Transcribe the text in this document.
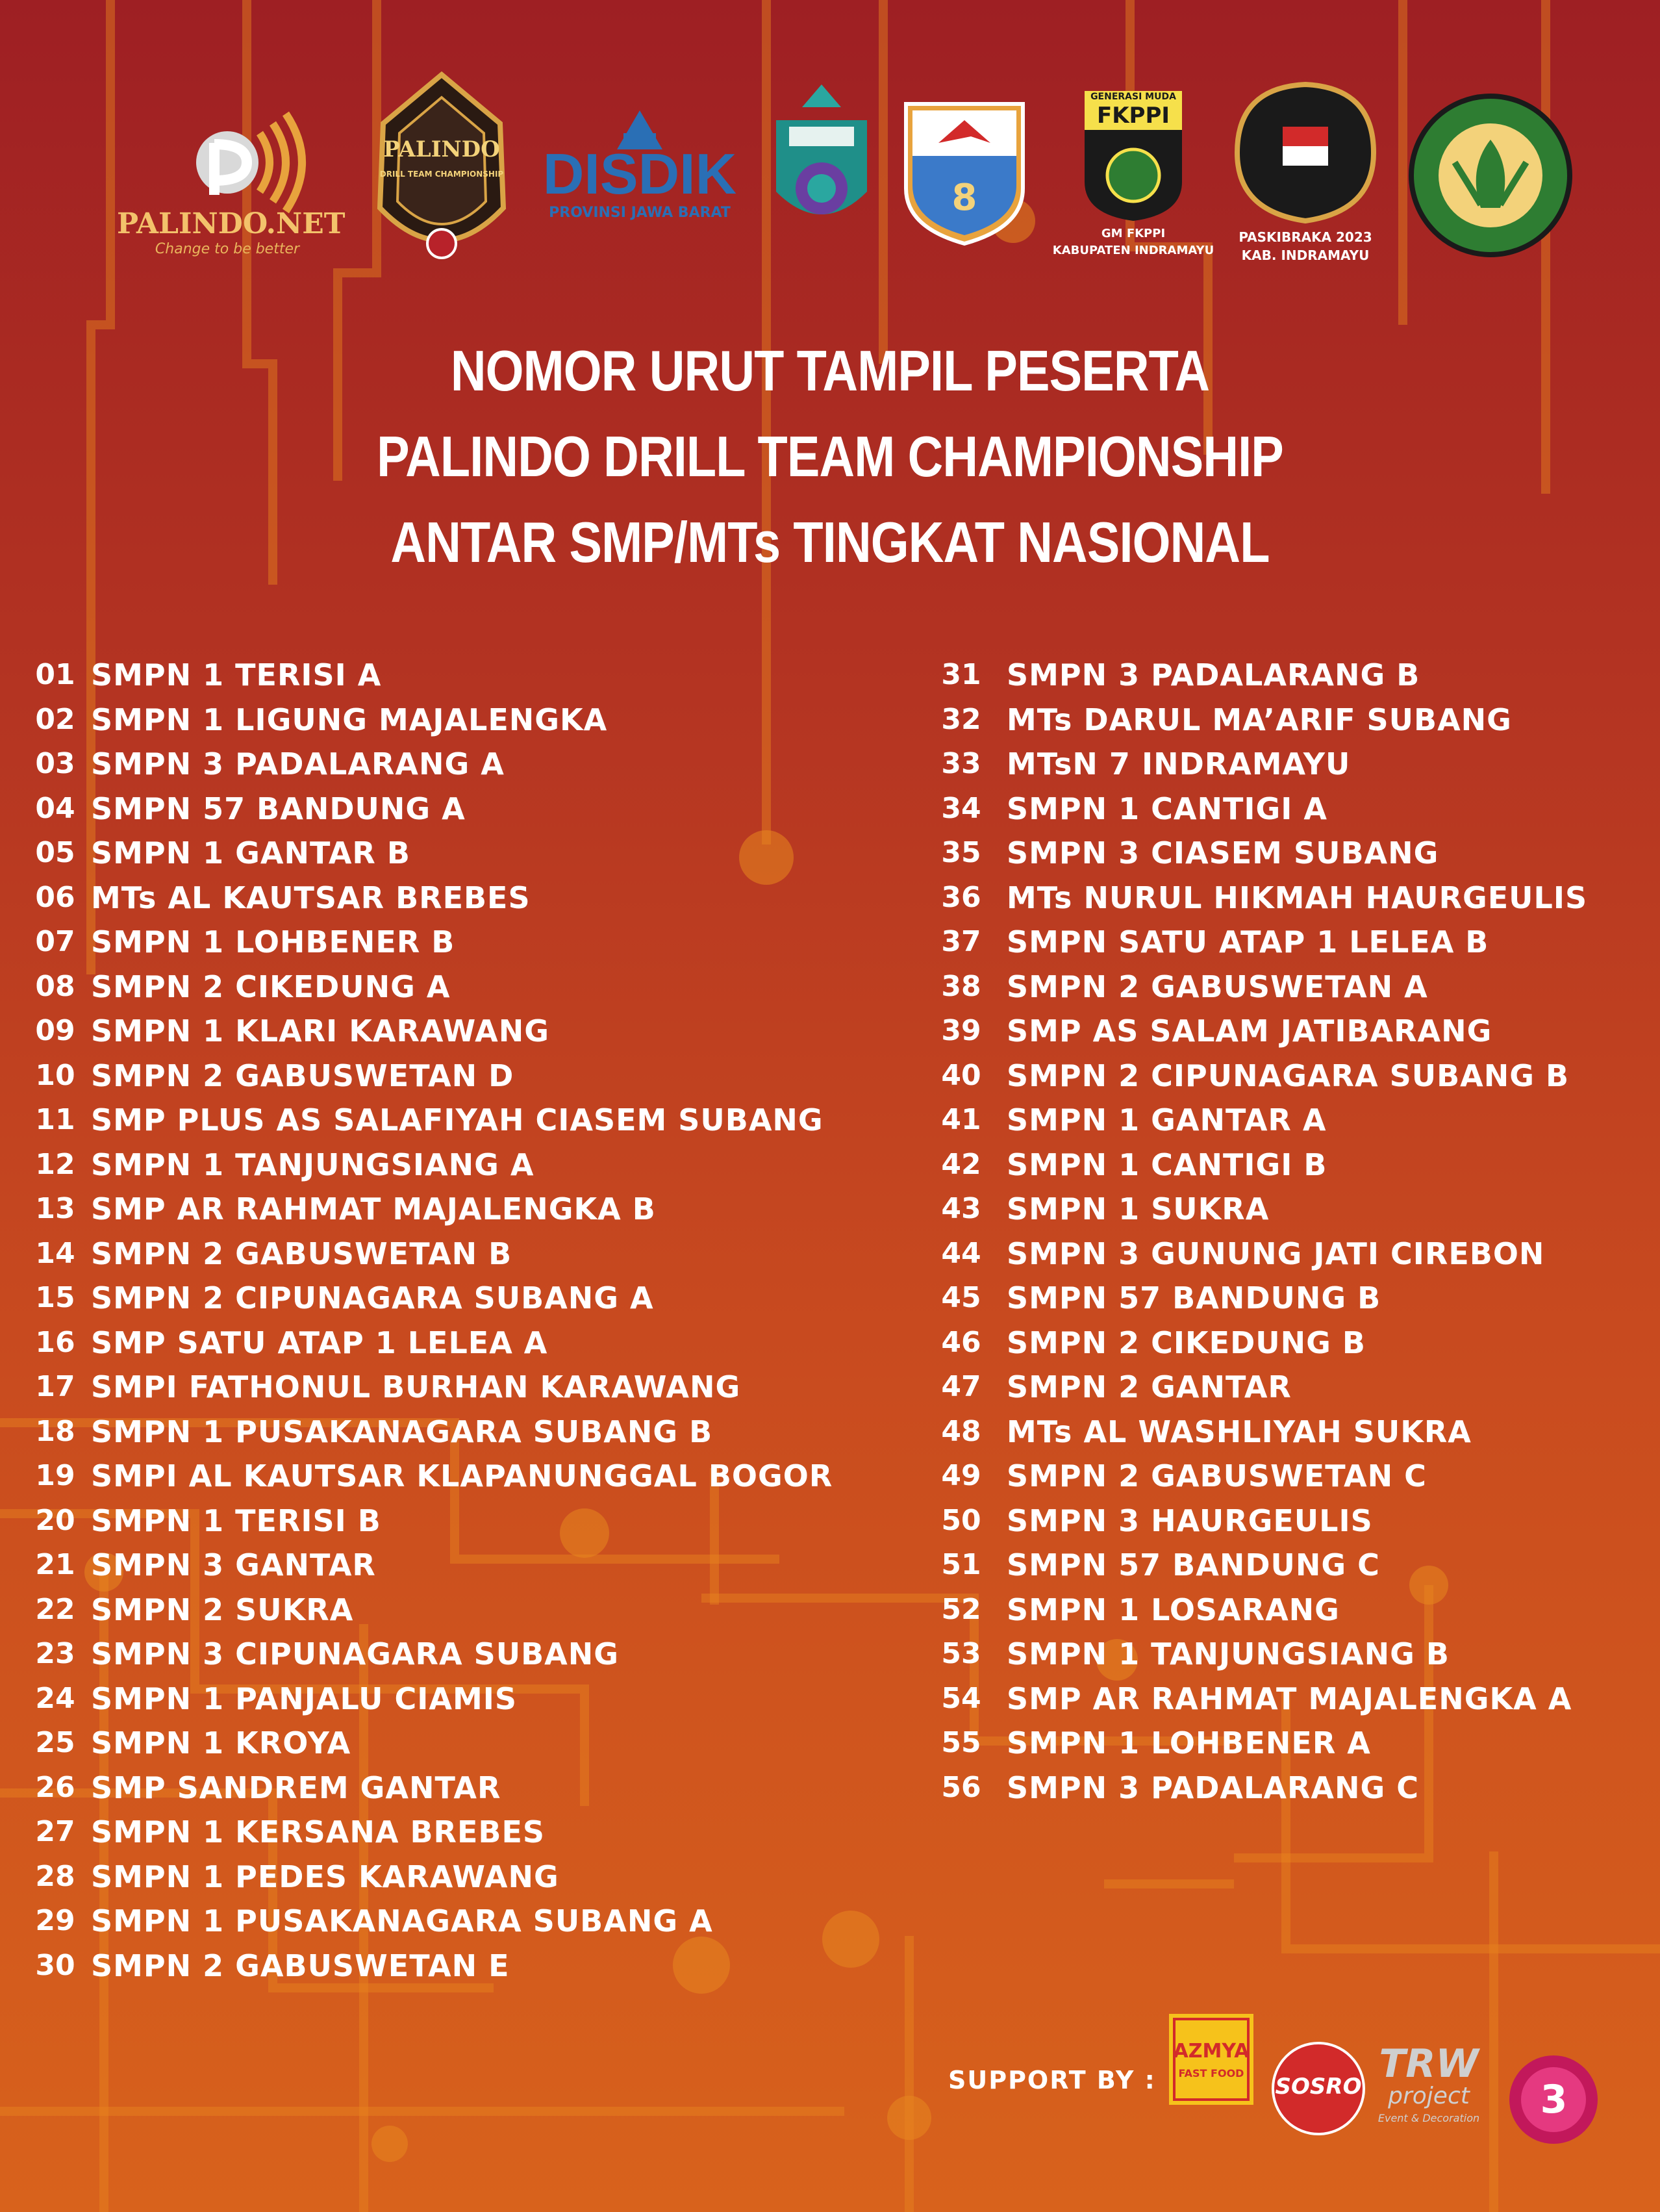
PALINDO.NET
Change to be better
PALINDO
DRILL TEAM CHAMPIONSHIP DISDIK
PROVINSI JAWA BARAT	8
GENERASI MUDA
FKPPI
GM FKPPI
KABUPATEN INDRAMAYU
PASKIBRAKA 2023
KAB. INDRAMAYU
NOMOR URUT TAMPIL PESERTA
PALINDO DRILL TEAM CHAMPIONSHIP
ANTAR SMP/MTs TINGKAT NASIONAL
01 SMPN 1 TERISI A
02 SMPN 1 LIGUNG MAJALENGKA
03 SMPN 3 PADALARANG A
04 SMPN 57 BANDUNG A
05 SMPN 1 GANTAR B
06 MTs AL KAUTSAR BREBES
07 SMPN 1 LOHBENER B
08 SMPN 2 CIKEDUNG A
09 SMPN 1 KLARI KARAWANG
10 SMPN 2 GABUSWETAN D
11 SMP PLUS AS SALAFIYAH CIASEM SUBANG
12 SMPN 1 TANJUNGSIANG A
13 SMP AR RAHMAT MAJALENGKA B
14 SMPN 2 GABUSWETAN B
15 SMPN 2 CIPUNAGARA SUBANG A
16 SMP SATU ATAP 1 LELEA A
17 SMPI FATHONUL BURHAN KARAWANG
18 SMPN 1 PUSAKANAGARA SUBANG B
19 SMPI AL KAUTSAR KLAPANUNGGAL BOGOR
20 SMPN 1 TERISI B
21 SMPN 3 GANTAR
22 SMPN 2 SUKRA
23 SMPN 3 CIPUNAGARA SUBANG
24 SMPN 1 PANJALU CIAMIS
25 SMPN 1 KROYA
26 SMP SANDREM GANTAR
27 SMPN 1 KERSANA BREBES
28 SMPN 1 PEDES KARAWANG
29 SMPN 1 PUSAKANAGARA SUBANG A
30 SMPN 2 GABUSWETAN E
31 SMPN 3 PADALARANG B
32 MTs DARUL MA’ARIF SUBANG
33 MTsN 7 INDRAMAYU
34 SMPN 1 CANTIGI A
35 SMPN 3 CIASEM SUBANG
36 MTs NURUL HIKMAH HAURGEULIS
37 SMPN SATU ATAP 1 LELEA B
38 SMPN 2 GABUSWETAN A
39 SMP AS SALAM JATIBARANG
40 SMPN 2 CIPUNAGARA SUBANG B
41 SMPN 1 GANTAR A
42 SMPN 1 CANTIGI B
43 SMPN 1 SUKRA
44 SMPN 3 GUNUNG JATI CIREBON
45 SMPN 57 BANDUNG B
46 SMPN 2 CIKEDUNG B
47 SMPN 2 GANTAR
48 MTs AL WASHLIYAH SUKRA
49 SMPN 2 GABUSWETAN C
50 SMPN 3 HAURGEULIS
51 SMPN 57 BANDUNG C
52 SMPN 1 LOSARANG
53 SMPN 1 TANJUNGSIANG B
54 SMP AR RAHMAT MAJALENGKA A
55 SMPN 1 LOHBENER A
56 SMPN 3 PADALARANG C
SUPPORT BY :
AZMYA
FAST FOOD
SOSRO TRW
project
Event & Decoration	3
